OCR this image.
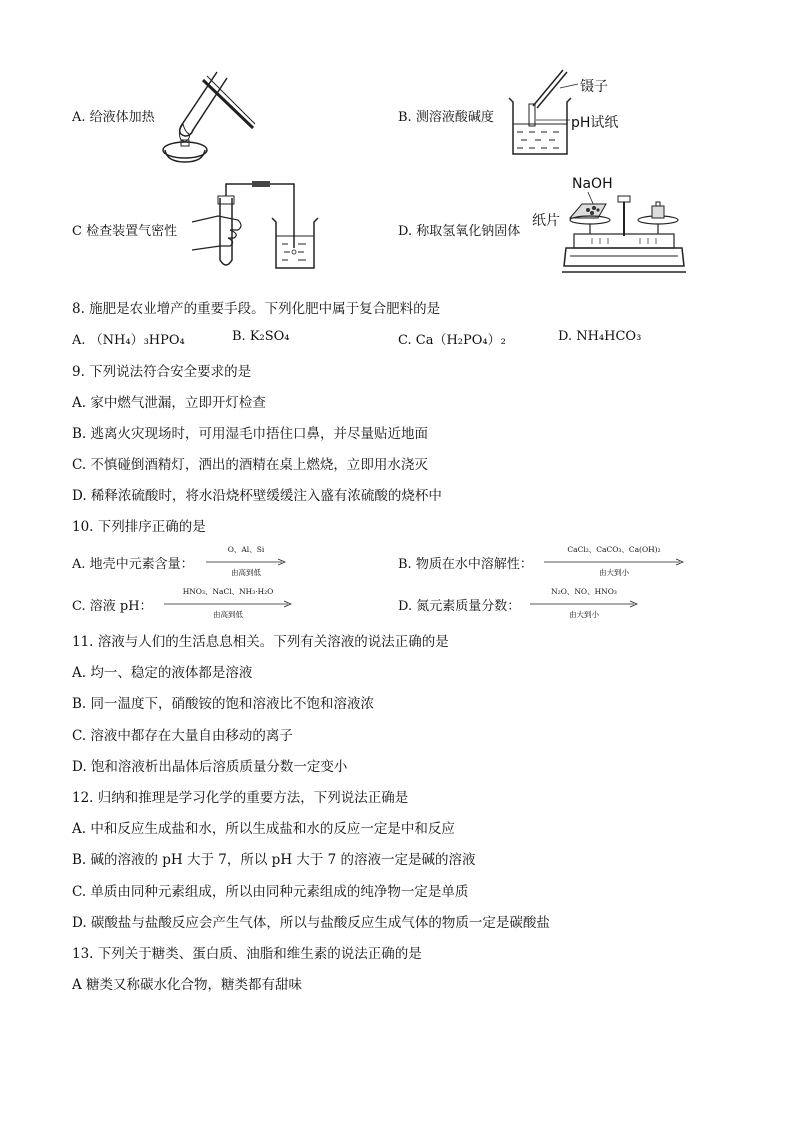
A. 给液体加热	B. 测溶液酸碱度
镊子
pH试纸
C 检查装置气密性	D. 称取氢氧化钠固体
NaOH
纸片
8. 施肥是农业增产的重要手段。下列化肥中属于复合肥料的是
A. （NH₄）₃HPO₄	B. K₂SO₄	C. Ca（H₂PO₄）₂	D. NH₄HCO₃
9. 下列说法符合安全要求的是
A. 家中燃气泄漏，立即开灯检查
B. 逃离火灾现场时，可用湿毛巾捂住口鼻，并尽量贴近地面
C. 不慎碰倒酒精灯，洒出的酒精在桌上燃烧，立即用水浇灭
D. 稀释浓硫酸时，将水沿烧杯壁缓缓注入盛有浓硫酸的烧杯中
10. 下列排序正确的是
A. 地壳中元素含量：
O、Al、Si
由高到低
B. 物质在水中溶解性：
CaCl₂、CaCO₃、Ca(OH)₂
由大到小
C. 溶液 pH：
HNO₃、NaCl、NH₃·H₂O
由高到低
D. 氮元素质量分数：
N₂O、NO、HNO₃
由大到小
11. 溶液与人们的生活息息相关。下列有关溶液的说法正确的是
A. 均一、稳定的液体都是溶液
B. 同一温度下，硝酸铵的饱和溶液比不饱和溶液浓
C. 溶液中都存在大量自由移动的离子
D. 饱和溶液析出晶体后溶质质量分数一定变小
12. 归纳和推理是学习化学的重要方法，下列说法正确是
A. 中和反应生成盐和水，所以生成盐和水的反应一定是中和反应
B. 碱的溶液的 pH 大于 7，所以 pH 大于 7 的溶液一定是碱的溶液
C. 单质由同种元素组成，所以由同种元素组成的纯净物一定是单质
D. 碳酸盐与盐酸反应会产生气体，所以与盐酸反应生成气体的物质一定是碳酸盐
13. 下列关于糖类、蛋白质、油脂和维生素的说法正确的是
A 糖类又称碳水化合物，糖类都有甜味
